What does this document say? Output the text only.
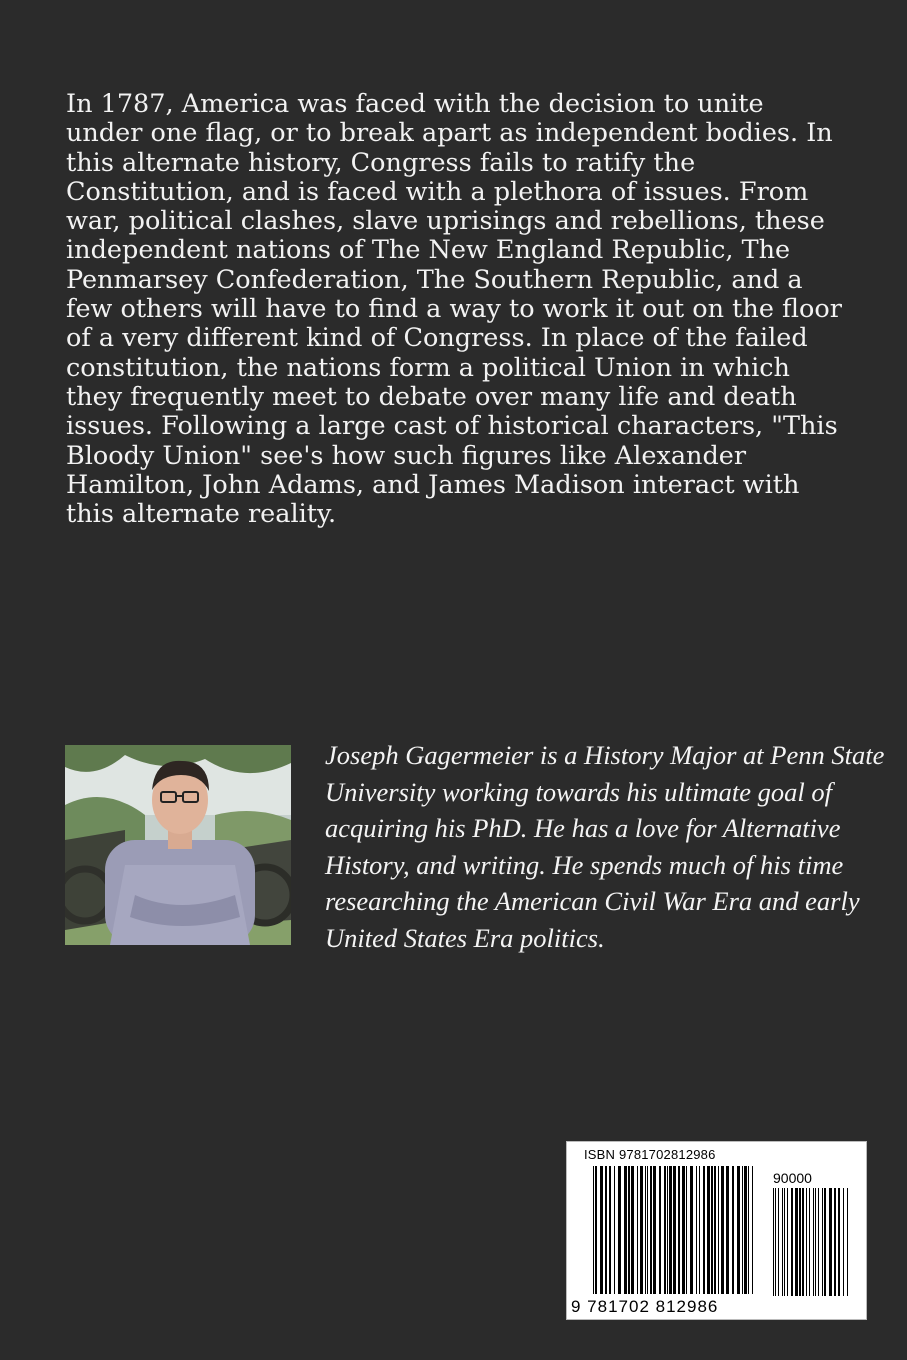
In 1787, America was faced with the decision to unite under one flag, or to break apart as independent bodies. In this alternate history, Congress fails to ratify the Constitution, and is faced with a plethora of issues. From war, political clashes, slave uprisings and rebellions, these independent nations of The New England Republic, The Penmarsey Confederation, The Southern Republic, and a few others will have to find a way to work it out on the floor of a very different kind of Congress. In place of the failed constitution, the nations form a political Union in which they frequently meet to debate over many life and death issues. Following a large cast of historical characters, "This Bloody Union" see's how such figures like Alexander Hamilton, John Adams, and James Madison interact with this alternate reality.

Joseph Gagermeier is a History Major at Penn State University working towards his ultimate goal of acquiring his PhD. He has a love for Alternative History, and writing. He spends much of his time researching the American Civil War Era and early United States Era politics.

ISBN 9781702812986
90000
9 781702 812986
